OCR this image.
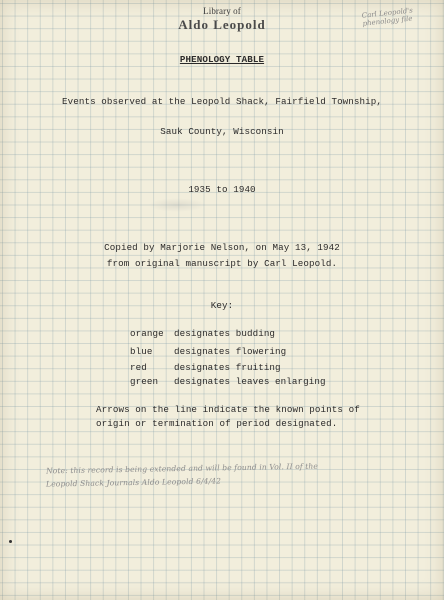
Library of
Aldo Leopold
Carl Leopold's phenology file
PHENOLOGY TABLE
Events observed at the Leopold Shack, Fairfield Township,
Sauk County, Wisconsin
1935 to 1940
Copied by Marjorie Nelson, on May 13, 1942
from original manuscript by Carl Leopold.
Key:
orange designates budding
blue designates flowering
red	designates fruiting
green designates leaves enlarging
Arrows on the line indicate the known points of
origin or termination of period designated.
Note: this record is being extended and will be found in Vol. II of the
Leopold Shack Journals Aldo Leopold 6/4/42
